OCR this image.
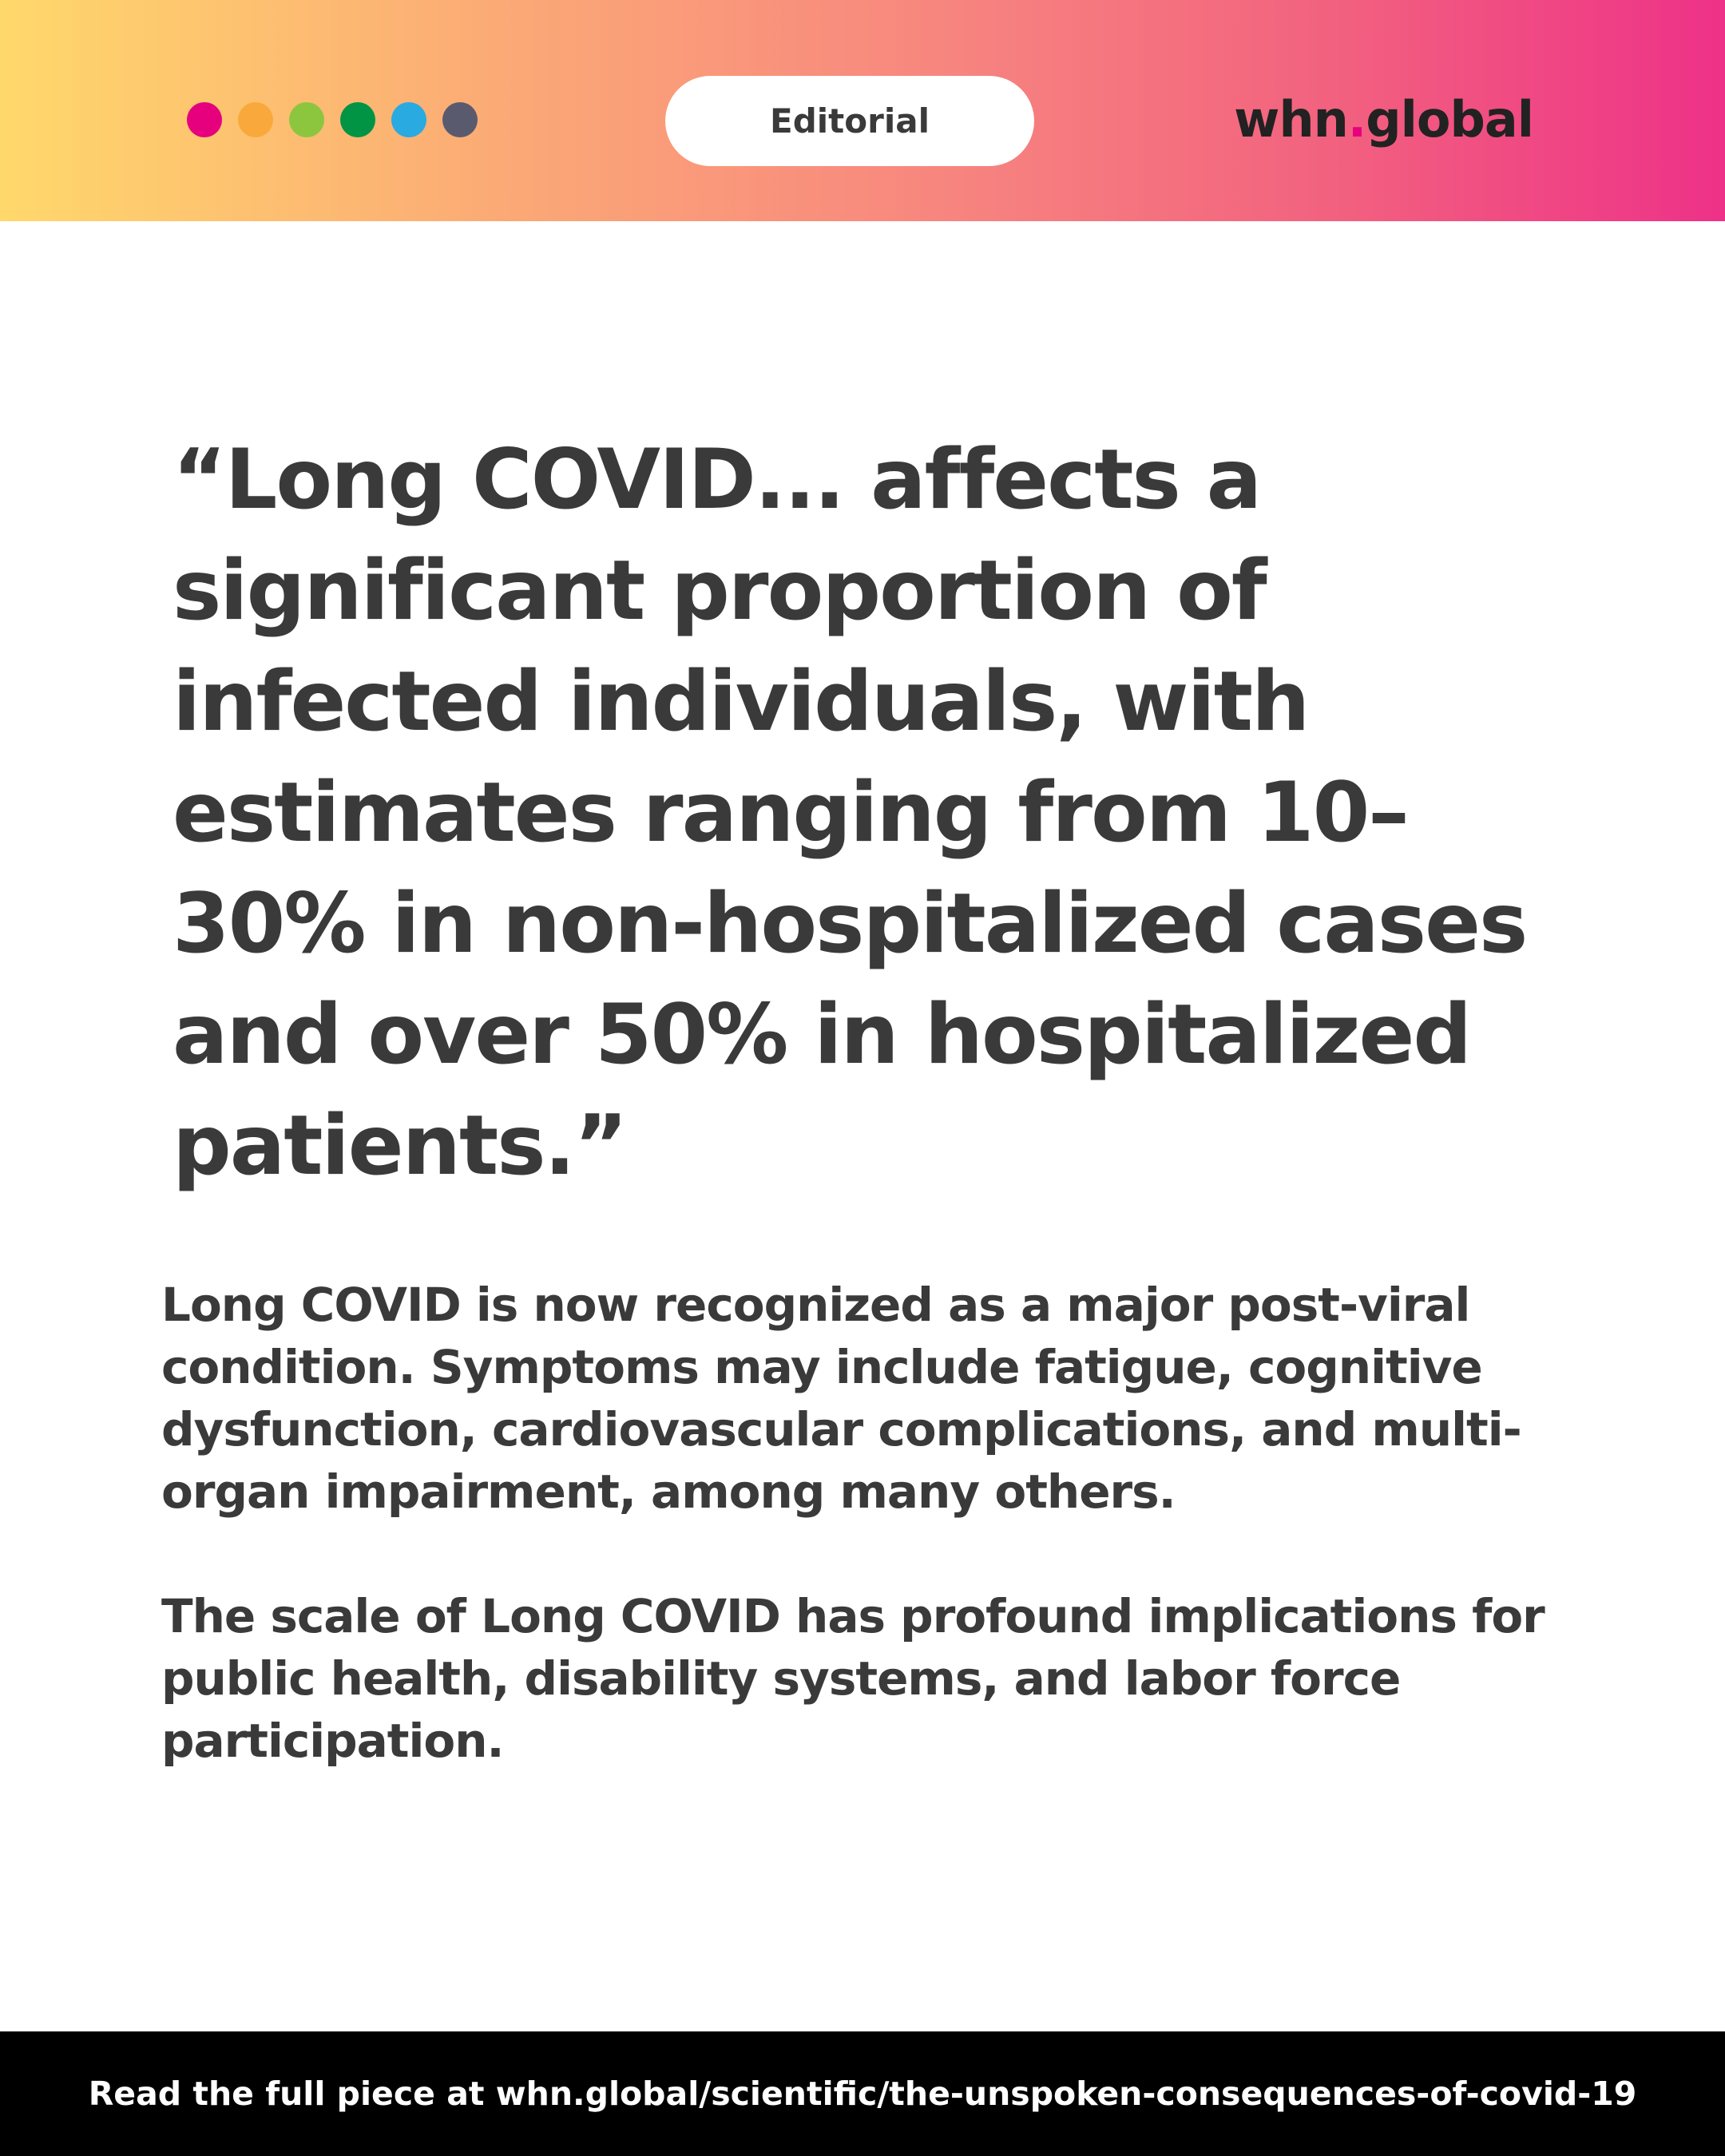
Editorial	whn.global

“Long COVID... affects a significant proportion of infected individuals, with estimates ranging from 10–30% in non-hospitalized cases and over 50% in hospitalized patients.”

Long COVID is now recognized as a major post-viral condition. Symptoms may include fatigue, cognitive dysfunction, cardiovascular complications, and multi-organ impairment, among many others.

The scale of Long COVID has profound implications for public health, disability systems, and labor force participation.

Read the full piece at whn.global/scientific/the-unspoken-consequences-of-covid-19
